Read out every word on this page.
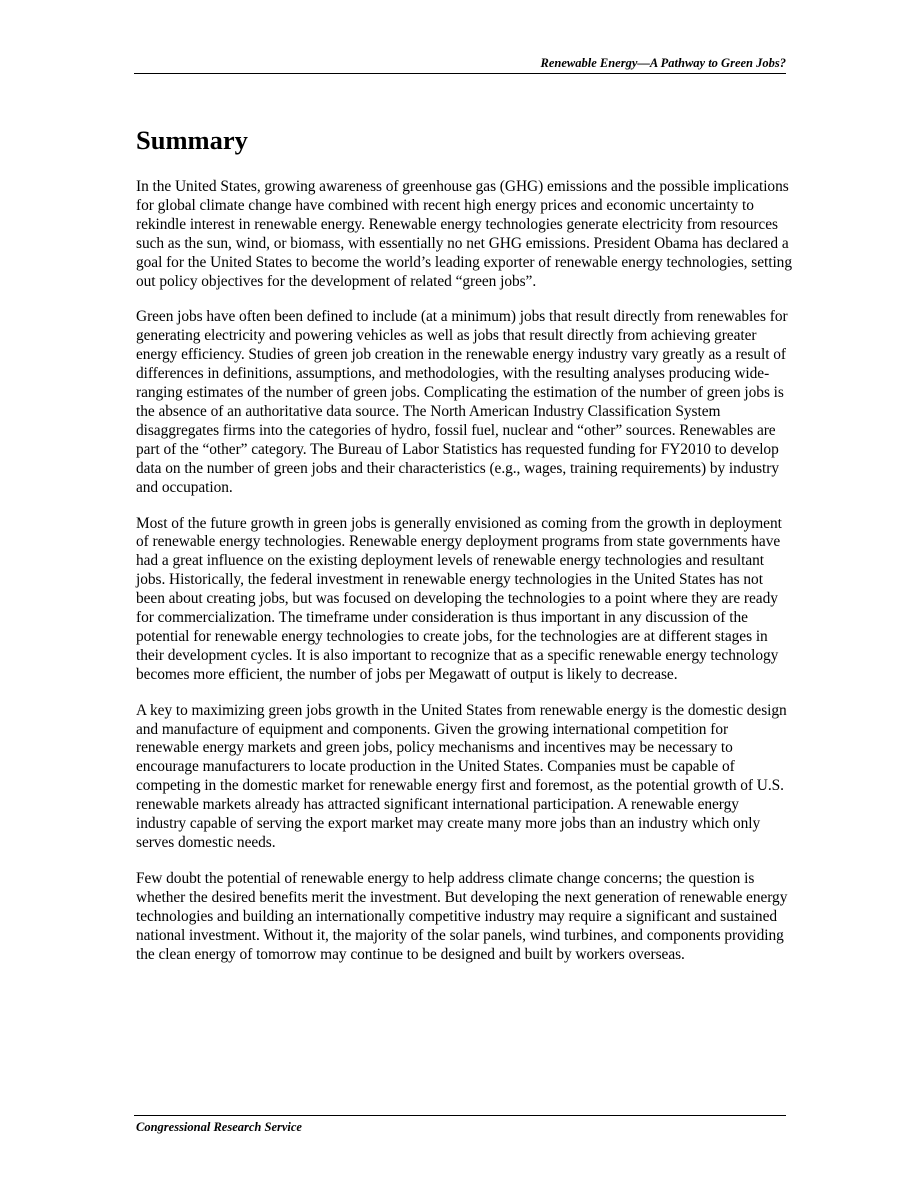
Renewable Energy—A Pathway to Green Jobs?
Summary

In the United States, growing awareness of greenhouse gas (GHG) emissions and the possible implications for global climate change have combined with recent high energy prices and economic uncertainty to rekindle interest in renewable energy. Renewable energy technologies generate electricity from resources such as the sun, wind, or biomass, with essentially no net GHG emissions. President Obama has declared a goal for the United States to become the world’s leading exporter of renewable energy technologies, setting out policy objectives for the development of related “green jobs”.

Green jobs have often been defined to include (at a minimum) jobs that result directly from renewables for generating electricity and powering vehicles as well as jobs that result directly from achieving greater energy efficiency. Studies of green job creation in the renewable energy industry vary greatly as a result of differences in definitions, assumptions, and methodologies, with the resulting analyses producing wide-ranging estimates of the number of green jobs. Complicating the estimation of the number of green jobs is the absence of an authoritative data source. The North American Industry Classification System disaggregates firms into the categories of hydro, fossil fuel, nuclear and “other” sources. Renewables are part of the “other” category. The Bureau of Labor Statistics has requested funding for FY2010 to develop data on the number of green jobs and their characteristics (e.g., wages, training requirements) by industry and occupation.

Most of the future growth in green jobs is generally envisioned as coming from the growth in deployment of renewable energy technologies. Renewable energy deployment programs from state governments have had a great influence on the existing deployment levels of renewable energy technologies and resultant jobs. Historically, the federal investment in renewable energy technologies in the United States has not been about creating jobs, but was focused on developing the technologies to a point where they are ready for commercialization. The timeframe under consideration is thus important in any discussion of the potential for renewable energy technologies to create jobs, for the technologies are at different stages in their development cycles. It is also important to recognize that as a specific renewable energy technology becomes more efficient, the number of jobs per Megawatt of output is likely to decrease.

A key to maximizing green jobs growth in the United States from renewable energy is the domestic design and manufacture of equipment and components. Given the growing international competition for renewable energy markets and green jobs, policy mechanisms and incentives may be necessary to encourage manufacturers to locate production in the United States. Companies must be capable of competing in the domestic market for renewable energy first and foremost, as the potential growth of U.S. renewable markets already has attracted significant international participation. A renewable energy industry capable of serving the export market may create many more jobs than an industry which only serves domestic needs.

Few doubt the potential of renewable energy to help address climate change concerns; the question is whether the desired benefits merit the investment. But developing the next generation of renewable energy technologies and building an internationally competitive industry may require a significant and sustained national investment. Without it, the majority of the solar panels, wind turbines, and components providing the clean energy of tomorrow may continue to be designed and built by workers overseas.

Congressional Research Service
